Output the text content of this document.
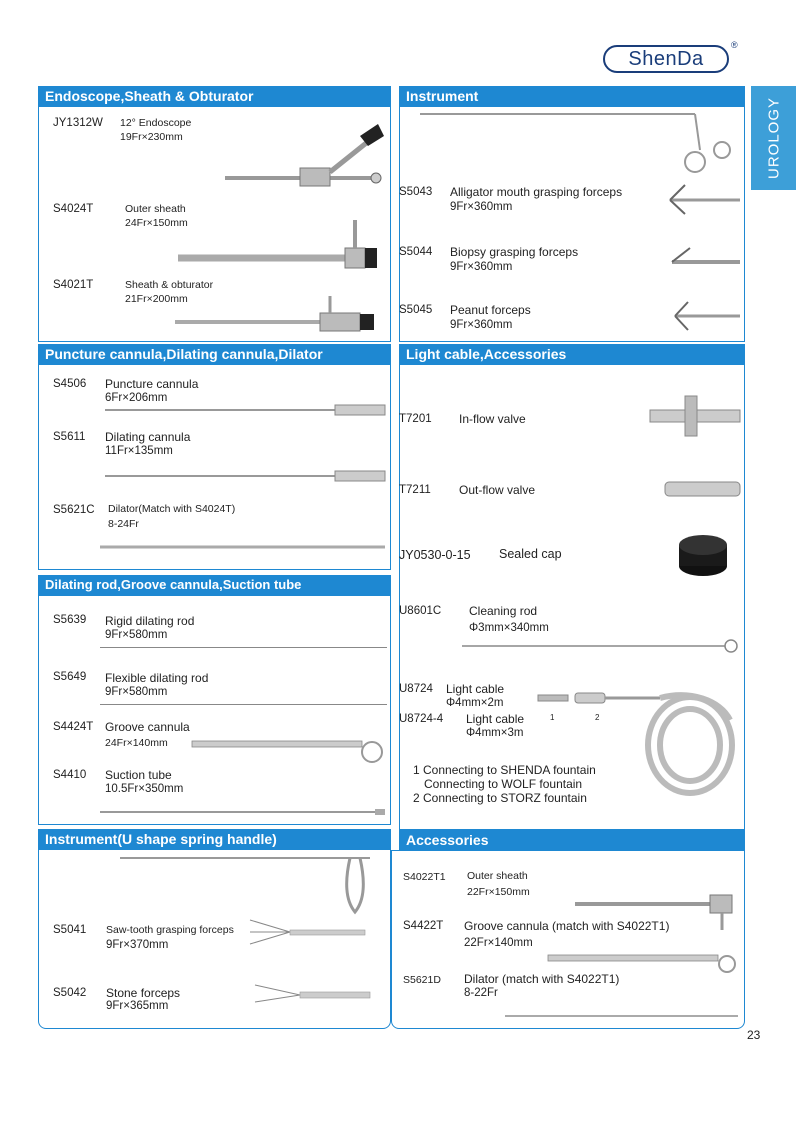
ShenDa
®
UROLOGY
Endoscope,Sheath & Obturator
JY1312W 12° Endoscope
19Fr×230mm
S4024T	Outer sheath
24Fr×150mm
S4021T	Sheath & obturator
21Fr×200mm
Puncture cannula,Dilating cannula,Dilator
S4506 Puncture cannula
6Fr×206mm
S5611 Dilating cannula
11Fr×135mm
S5621C Dilator(Match with S4024T)
8-24Fr
Dilating rod,Groove cannula,Suction tube
S5639 Rigid dilating rod
9Fr×580mm
S5649 Flexible dilating rod
9Fr×580mm
S4424T Groove cannula
24Fr×140mm
S4410 Suction tube
10.5Fr×350mm
Instrument(U shape spring handle)
S5041 Saw-tooth grasping forceps
9Fr×370mm
S5042 Stone forceps
9Fr×365mm
Instrument
S5043 Alligator mouth grasping forceps
9Fr×360mm
S5044 Biopsy grasping forceps
9Fr×360mm
S5045 Peanut forceps
9Fr×360mm
Light cable,Accessories
T7201 In-flow valve
T7211 Out-flow valve
JY0530-0-15 Sealed cap
U8601C Cleaning rod
Φ3mm×340mm
U8724 Light cable
Φ4mm×2m
U8724-4 Light cable
Φ4mm×3m
1	2
1 Connecting to SHENDA fountain
Connecting to WOLF fountain
2 Connecting to STORZ fountain
Accessories
S4022T1 Outer sheath
22Fr×150mm
S4422T Groove cannula (match with S4022T1)
22Fr×140mm
S5621D Dilator (match with S4022T1)
8-22Fr
23
